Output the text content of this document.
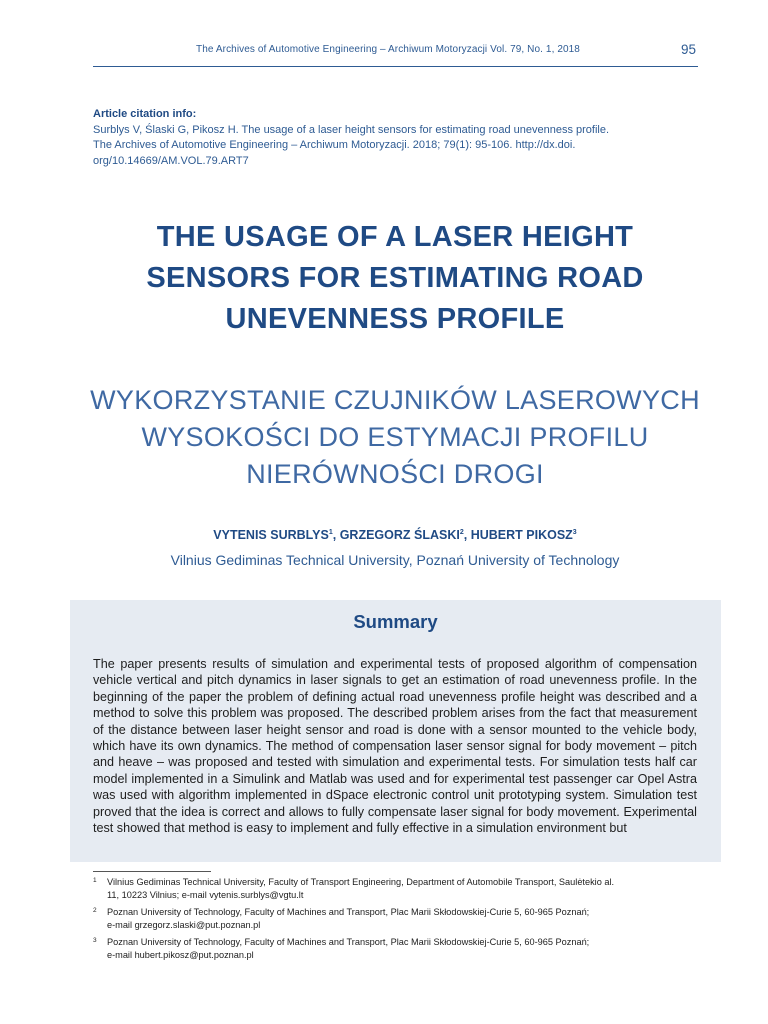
The Archives of Automotive Engineering – Archiwum Motoryzacji Vol. 79, No. 1, 2018	95
Article citation info:
Surblys V, Ślaski G, Pikosz H. The usage of a laser height sensors for estimating road unevenness profile.
The Archives of Automotive Engineering – Archiwum Motoryzacji. 2018; 79(1): 95-106. http://dx.doi.
org/10.14669/AM.VOL.79.ART7
THE USAGE OF A LASER HEIGHT
SENSORS FOR ESTIMATING ROAD
UNEVENNESS PROFILE
WYKORZYSTANIE CZUJNIKÓW LASEROWYCH
WYSOKOŚCI DO ESTYMACJI PROFILU
NIERÓWNOŚCI DROGI
VYTENIS SURBLYS$^1$, GRZEGORZ ŚLASKI$^2$, HUBERT PIKOSZ$^3$
Vilnius Gediminas Technical University, Poznań University of Technology
Summary
The paper presents results of simulation and experimental tests of proposed algorithm of compensation vehicle vertical and pitch dynamics in laser signals to get an estimation of road unevenness profile. In the beginning of the paper the problem of defining actual road unevenness profile height was described and a method to solve this problem was proposed. The described problem arises from the fact that measurement of the distance between laser height sensor and road is done with a sensor mounted to the vehicle body, which have its own dynamics. The method of compensation laser sensor signal for body movement – pitch and heave – was proposed and tested with simulation and experimental tests. For simulation tests half car model implemented in a Simulink and Matlab was used and for experimental test passenger car Opel Astra was used with algorithm implemented in dSpace electronic control unit prototyping system. Simulation test proved that the idea is correct and allows to fully compensate laser signal for body movement. Experimental test showed that method is easy to implement and fully effective in a simulation environment but
1 Vilnius Gediminas Technical University, Faculty of Transport Engineering, Department of Automobile Transport, Saulėtekio al.
11, 10223 Vilnius; e-mail vytenis.surblys@vgtu.lt
2 Poznan University of Technology, Faculty of Machines and Transport, Plac Marii Skłodowskiej-Curie 5, 60-965 Poznań;
e-mail grzegorz.slaski@put.poznan.pl
3 Poznan University of Technology, Faculty of Machines and Transport, Plac Marii Skłodowskiej-Curie 5, 60-965 Poznań;
e-mail hubert.pikosz@put.poznan.pl
